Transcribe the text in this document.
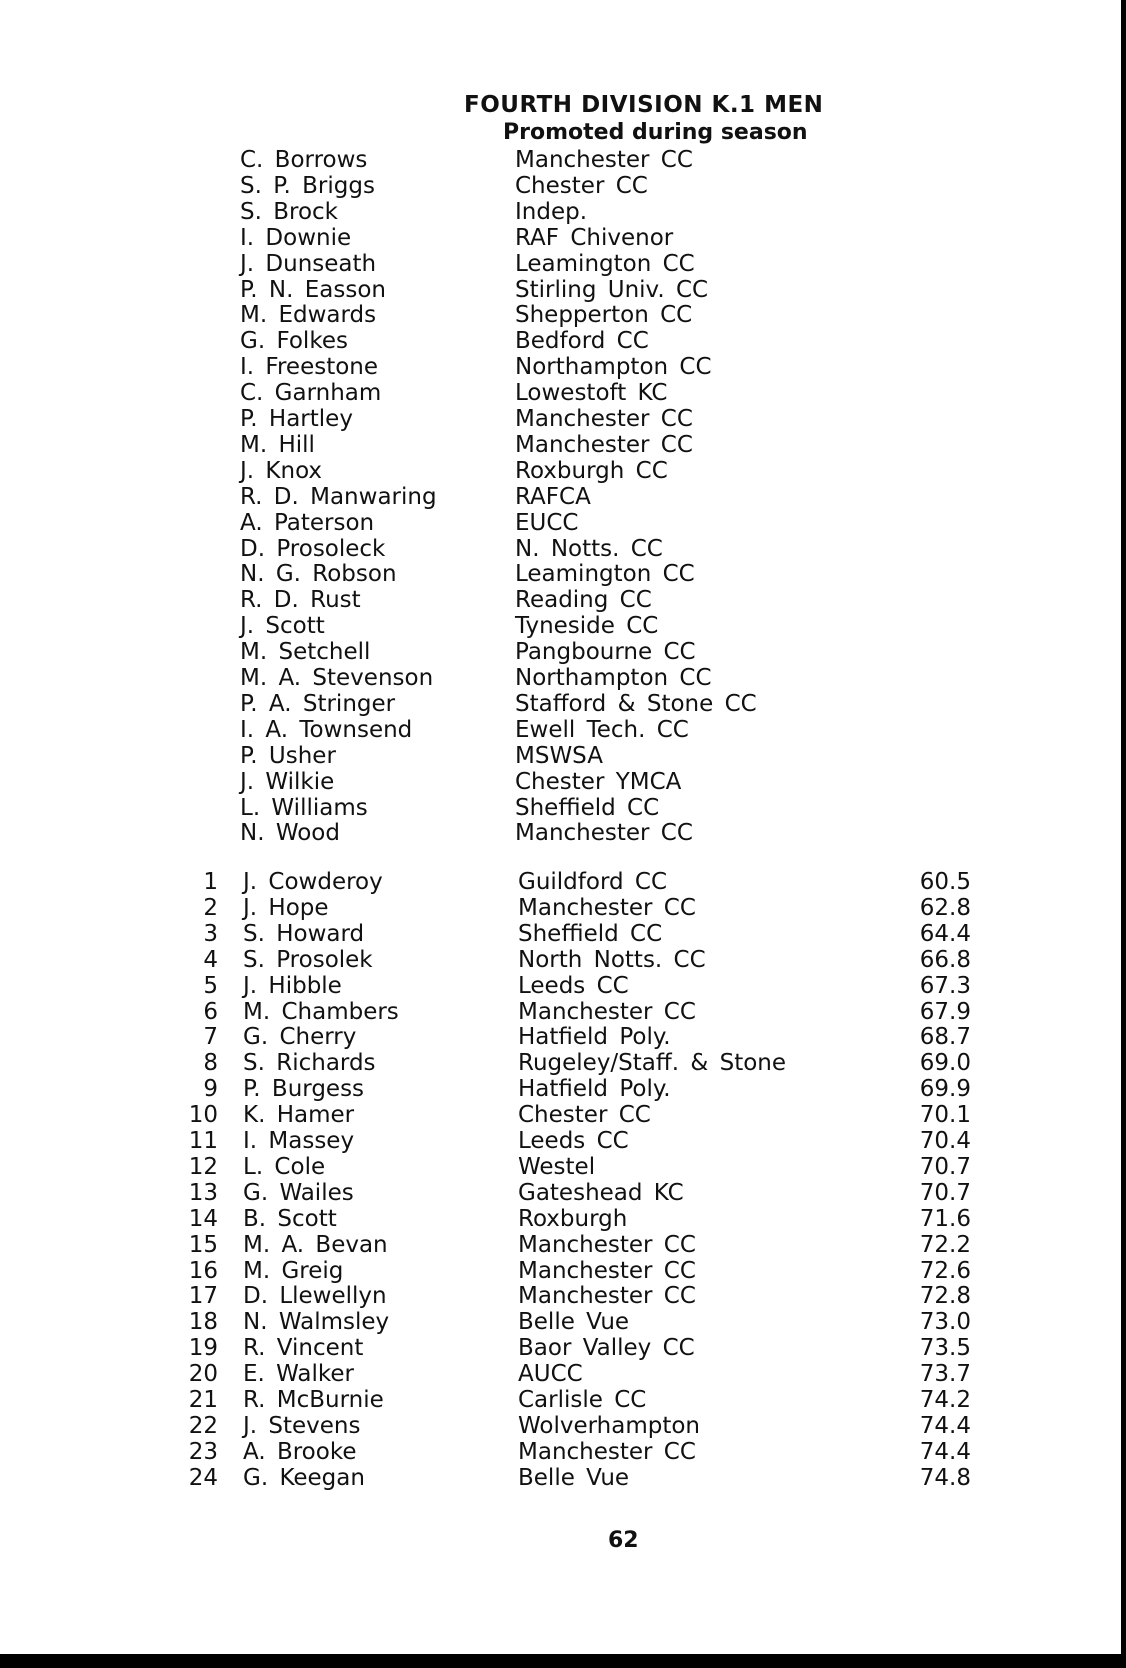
FOURTH DIVISION K.1 MEN
Promoted during season
C. Borrows	Manchester CC
S. P. Briggs	Chester CC
S. Brock	Indep.
I. Downie	RAF Chivenor
J. Dunseath	Leamington CC
P. N. Easson	Stirling Univ. CC
M. Edwards	Shepperton CC
G. Folkes	Bedford CC
I. Freestone	Northampton CC
C. Garnham	Lowestoft KC
P. Hartley	Manchester CC
M. Hill	Manchester CC
J. Knox	Roxburgh CC
R. D. Manwaring	RAFCA
A. Paterson	EUCC
D. Prosoleck	N. Notts. CC
N. G. Robson	Leamington CC
R. D. Rust	Reading CC
J. Scott	Tyneside CC
M. Setchell	Pangbourne CC
M. A. Stevenson	Northampton CC
P. A. Stringer	Stafford & Stone CC
I. A. Townsend	Ewell Tech. CC
P. Usher	MSWSA
J. Wilkie	Chester YMCA
L. Williams	Sheffield CC
N. Wood	Manchester CC
1 J. Cowderoy	Guildford CC	60.5
2 J. Hope	Manchester CC	62.8
3 S. Howard	Sheffield CC	64.4
4 S. Prosolek	North Notts. CC	66.8
5 J. Hibble	Leeds CC	67.3
6 M. Chambers	Manchester CC	67.9
7 G. Cherry	Hatfield Poly.	68.7
8 S. Richards	Rugeley/Staff. & Stone	69.0
9 P. Burgess	Hatfield Poly.	69.9
10 K. Hamer	Chester CC	70.1
11 I. Massey	Leeds CC	70.4
12 L. Cole	Westel	70.7
13 G. Wailes	Gateshead KC	70.7
14 B. Scott	Roxburgh	71.6
15 M. A. Bevan	Manchester CC	72.2
16 M. Greig	Manchester CC	72.6
17 D. Llewellyn	Manchester CC	72.8
18 N. Walmsley	Belle Vue	73.0
19 R. Vincent	Baor Valley CC	73.5
20 E. Walker	AUCC	73.7
21 R. McBurnie	Carlisle CC	74.2
22 J. Stevens	Wolverhampton	74.4
23 A. Brooke	Manchester CC	74.4
24 G. Keegan	Belle Vue	74.8
62
